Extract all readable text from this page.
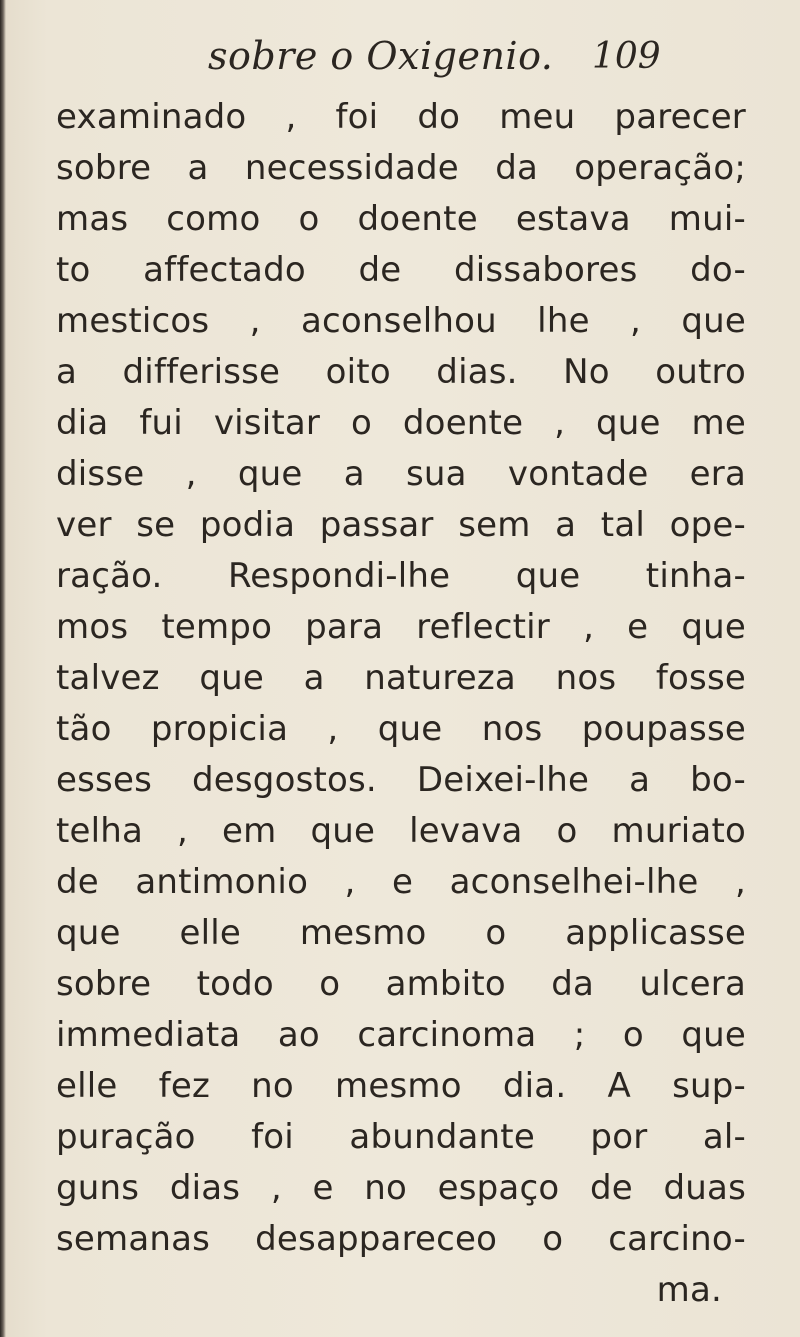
sobre o Oxigenio. 109
examinado , foi do meu parecer
sobre a necessidade da operação;
mas como o doente estava mui-
to affectado de dissabores do-
mesticos , aconselhou lhe , que
a differisse oito dias. No outro
dia fui visitar o doente , que me
disse , que a sua vontade era
ver se podia passar sem a tal ope-
ração. Respondi-lhe que tinha-
mos tempo para reflectir , e que
talvez que a natureza nos fosse
tão propicia , que nos poupasse
esses desgostos. Deixei-lhe a bo-
telha , em que levava o muriato
de antimonio , e aconselhei-lhe ,
que elle mesmo o applicasse
sobre todo o ambito da ulcera
immediata ao carcinoma ; o que
elle fez no mesmo dia. A sup-
puração foi abundante por al-
guns dias , e no espaço de duas
semanas desappareceo o carcino-
ma.
